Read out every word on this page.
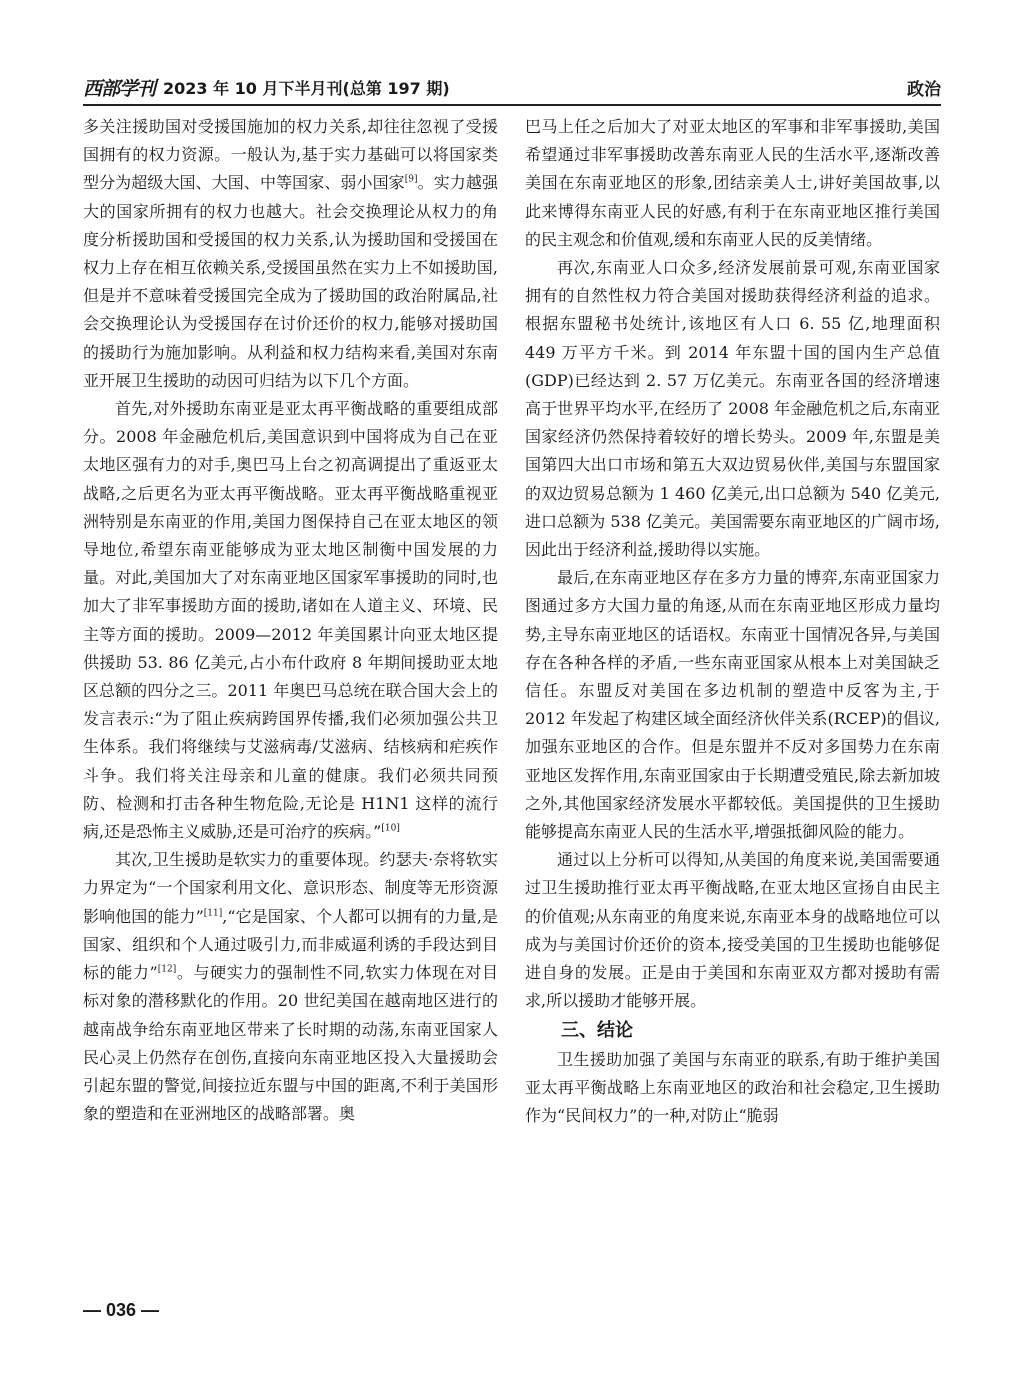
西部学刊 2023 年 10 月下半月刊(总第 197 期)	政治

多关注援助国对受援国施加的权力关系,却往往忽视了受援国拥有的权力资源。一般认为,基于实力基础可以将国家类型分为超级大国、大国、中等国家、弱小国家[9]。实力越强大的国家所拥有的权力也越大。社会交换理论从权力的角度分析援助国和受援国的权力关系,认为援助国和受援国在权力上存在相互依赖关系,受援国虽然在实力上不如援助国,但是并不意味着受援国完全成为了援助国的政治附属品,社会交换理论认为受援国存在讨价还价的权力,能够对援助国的援助行为施加影响。从利益和权力结构来看,美国对东南亚开展卫生援助的动因可归结为以下几个方面。

首先,对外援助东南亚是亚太再平衡战略的重要组成部分。2008 年金融危机后,美国意识到中国将成为自己在亚太地区强有力的对手,奥巴马上台之初高调提出了重返亚太战略,之后更名为亚太再平衡战略。亚太再平衡战略重视亚洲特别是东南亚的作用,美国力图保持自己在亚太地区的领导地位,希望东南亚能够成为亚太地区制衡中国发展的力量。对此,美国加大了对东南亚地区国家军事援助的同时,也加大了非军事援助方面的援助,诸如在人道主义、环境、民主等方面的援助。2009—2012 年美国累计向亚太地区提供援助 53. 86 亿美元,占小布什政府 8 年期间援助亚太地区总额的四分之三。2011 年奥巴马总统在联合国大会上的发言表示:“为了阻止疾病跨国界传播,我们必须加强公共卫生体系。我们将继续与艾滋病毒/艾滋病、结核病和疟疾作斗争。我们将关注母亲和儿童的健康。我们必须共同预防、检测和打击各种生物危险,无论是 H1N1 这样的流行病,还是恐怖主义威胁,还是可治疗的疾病。”[10]

其次,卫生援助是软实力的重要体现。约瑟夫·奈将软实力界定为“一个国家利用文化、意识形态、制度等无形资源影响他国的能力”[11],“它是国家、个人都可以拥有的力量,是国家、组织和个人通过吸引力,而非威逼利诱的手段达到目标的能力”[12]。与硬实力的强制性不同,软实力体现在对目标对象的潜移默化的作用。20 世纪美国在越南地区进行的越南战争给东南亚地区带来了长时期的动荡,东南亚国家人民心灵上仍然存在创伤,直接向东南亚地区投入大量援助会引起东盟的警觉,间接拉近东盟与中国的距离,不利于美国形象的塑造和在亚洲地区的战略部署。奥

巴马上任之后加大了对亚太地区的军事和非军事援助,美国希望通过非军事援助改善东南亚人民的生活水平,逐渐改善美国在东南亚地区的形象,团结亲美人士,讲好美国故事,以此来博得东南亚人民的好感,有利于在东南亚地区推行美国的民主观念和价值观,缓和东南亚人民的反美情绪。

再次,东南亚人口众多,经济发展前景可观,东南亚国家拥有的自然性权力符合美国对援助获得经济利益的追求。根据东盟秘书处统计,该地区有人口 6. 55 亿,地理面积 449 万平方千米。到 2014 年东盟十国的国内生产总值(GDP)已经达到 2. 57 万亿美元。东南亚各国的经济增速高于世界平均水平,在经历了 2008 年金融危机之后,东南亚国家经济仍然保持着较好的增长势头。2009 年,东盟是美国第四大出口市场和第五大双边贸易伙伴,美国与东盟国家的双边贸易总额为 1 460 亿美元,出口总额为 540 亿美元,进口总额为 538 亿美元。美国需要东南亚地区的广阔市场,因此出于经济利益,援助得以实施。

最后,在东南亚地区存在多方力量的博弈,东南亚国家力图通过多方大国力量的角逐,从而在东南亚地区形成力量均势,主导东南亚地区的话语权。东南亚十国情况各异,与美国存在各种各样的矛盾,一些东南亚国家从根本上对美国缺乏信任。东盟反对美国在多边机制的塑造中反客为主,于 2012 年发起了构建区域全面经济伙伴关系(RCEP)的倡议,加强东亚地区的合作。但是东盟并不反对多国势力在东南亚地区发挥作用,东南亚国家由于长期遭受殖民,除去新加坡之外,其他国家经济发展水平都较低。美国提供的卫生援助能够提高东南亚人民的生活水平,增强抵御风险的能力。

通过以上分析可以得知,从美国的角度来说,美国需要通过卫生援助推行亚太再平衡战略,在亚太地区宣扬自由民主的价值观;从东南亚的角度来说,东南亚本身的战略地位可以成为与美国讨价还价的资本,接受美国的卫生援助也能够促进自身的发展。正是由于美国和东南亚双方都对援助有需求,所以援助才能够开展。

三、结论

卫生援助加强了美国与东南亚的联系,有助于维护美国亚太再平衡战略上东南亚地区的政治和社会稳定,卫生援助作为“民间权力”的一种,对防止“脆弱

— 036 —
